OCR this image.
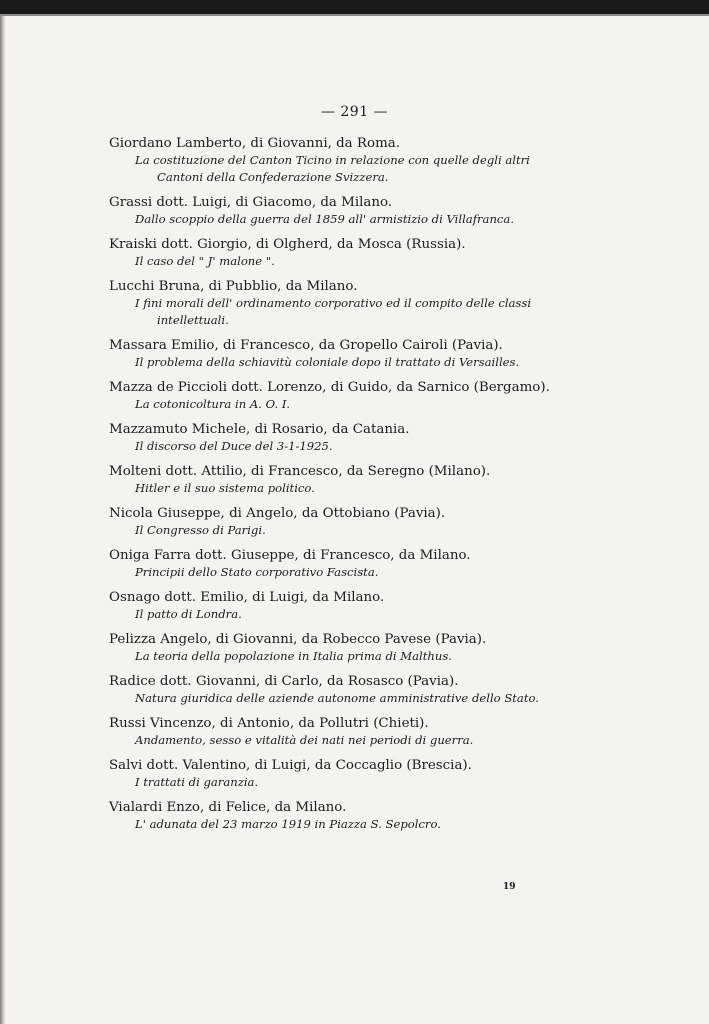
— 291 —
Giordano Lamberto, di Giovanni, da Roma.
La costituzione del Canton Ticino in relazione con quelle degli altri Cantoni della Confederazione Svizzera.
Grassi dott. Luigi, di Giacomo, da Milano.
Dallo scoppio della guerra del 1859 all' armistizio di Villafranca.
Kraiski dott. Giorgio, di Olgherd, da Mosca (Russia).
Il caso del " J' malone ".
Lucchi Bruna, di Pubblio, da Milano.
I fini morali dell' ordinamento corporativo ed il compito delle classi intellettuali.
Massara Emilio, di Francesco, da Gropello Cairoli (Pavia).
Il problema della schiavitù coloniale dopo il trattato di Versailles.
Mazza de Piccioli dott. Lorenzo, di Guido, da Sarnico (Bergamo).
La cotonicoltura in A. O. I.
Mazzamuto Michele, di Rosario, da Catania.
Il discorso del Duce del 3-1-1925.
Molteni dott. Attilio, di Francesco, da Seregno (Milano).
Hitler e il suo sistema politico.
Nicola Giuseppe, di Angelo, da Ottobiano (Pavia).
Il Congresso di Parigi.
Oniga Farra dott. Giuseppe, di Francesco, da Milano.
Principii dello Stato corporativo Fascista.
Osnago dott. Emilio, di Luigi, da Milano.
Il patto di Londra.
Pelizza Angelo, di Giovanni, da Robecco Pavese (Pavia).
La teoria della popolazione in Italia prima di Malthus.
Radice dott. Giovanni, di Carlo, da Rosasco (Pavia).
Natura giuridica delle aziende autonome amministrative dello Stato.
Russi Vincenzo, di Antonio, da Pollutri (Chieti).
Andamento, sesso e vitalità dei nati nei periodi di guerra.
Salvi dott. Valentino, di Luigi, da Coccaglio (Brescia).
I trattati di garanzia.
Vialardi Enzo, di Felice, da Milano.
L' adunata del 23 marzo 1919 in Piazza S. Sepolcro.
19
